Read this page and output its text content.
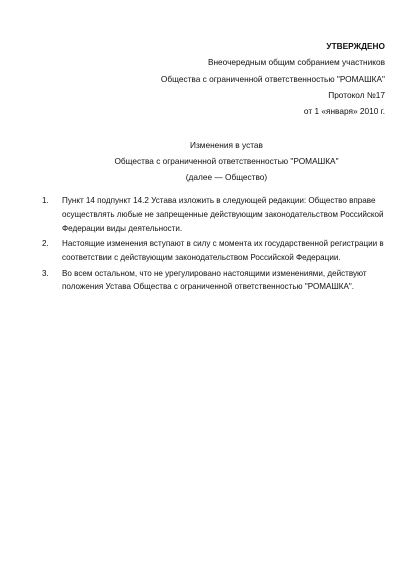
УТВЕРЖДЕНО
Внеочередным общим собранием участников
Общества с ограниченной ответственностью "РОМАШКА"
Протокол №17
от 1 «января» 2010 г.
Изменения в устав
Общества с ограниченной ответственностью "РОМАШКА"
(далее — Общество)
1. Пункт 14 подпункт 14.2 Устава изложить в следующей редакции: Общество вправе осуществлять любые не запрещенные действующим законодательством Российской Федерации виды деятельности.
2. Настоящие изменения вступают в силу с момента их государственной регистрации в соответствии с действующим законодательством Российской Федерации.
3. Во всем остальном, что не урегулировано настоящими изменениями, действуют положения Устава Общества с ограниченной ответственностью "РОМАШКА".
